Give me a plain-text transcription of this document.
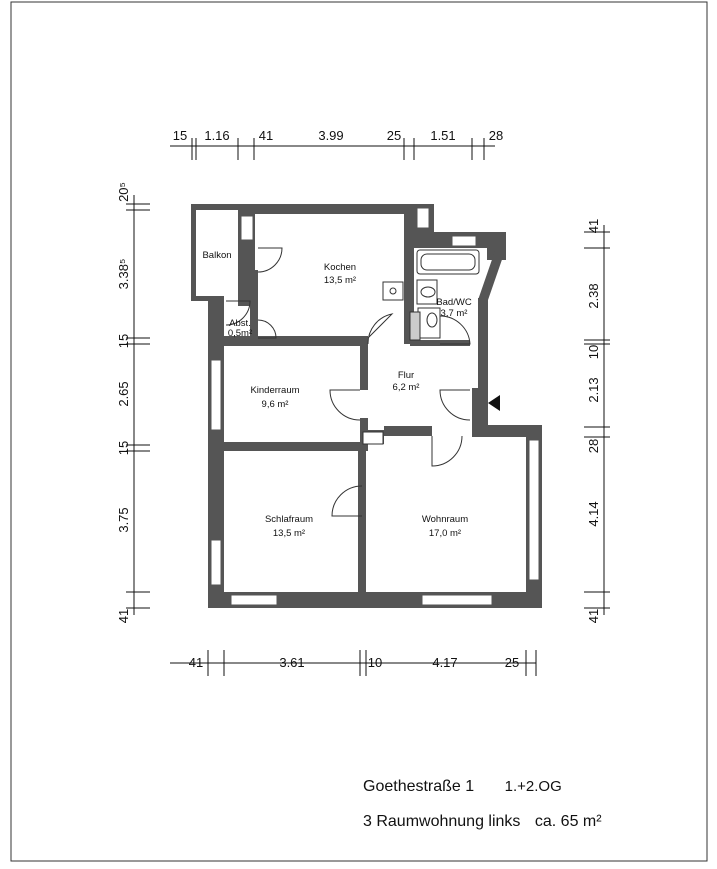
15 1.16 41	3.99	25 1.51	28
41	3.61	10	4.17	25
20⁵
3.38⁵
15
2.65
15
3.75
41
41
2.38
10
2.13
28
4.14
41
Balkon
Kochen
13,5 m²
Abst.
0,5m²
Bad/WC
3,7 m²
Kinderraum
9,6 m²
Flur
6,2 m²
Schlafraum
13,5 m²
Wohnraum
17,0 m²
Goethestraße 1 1.+2.OG
3 Raumwohnung links ca. 65 m²
